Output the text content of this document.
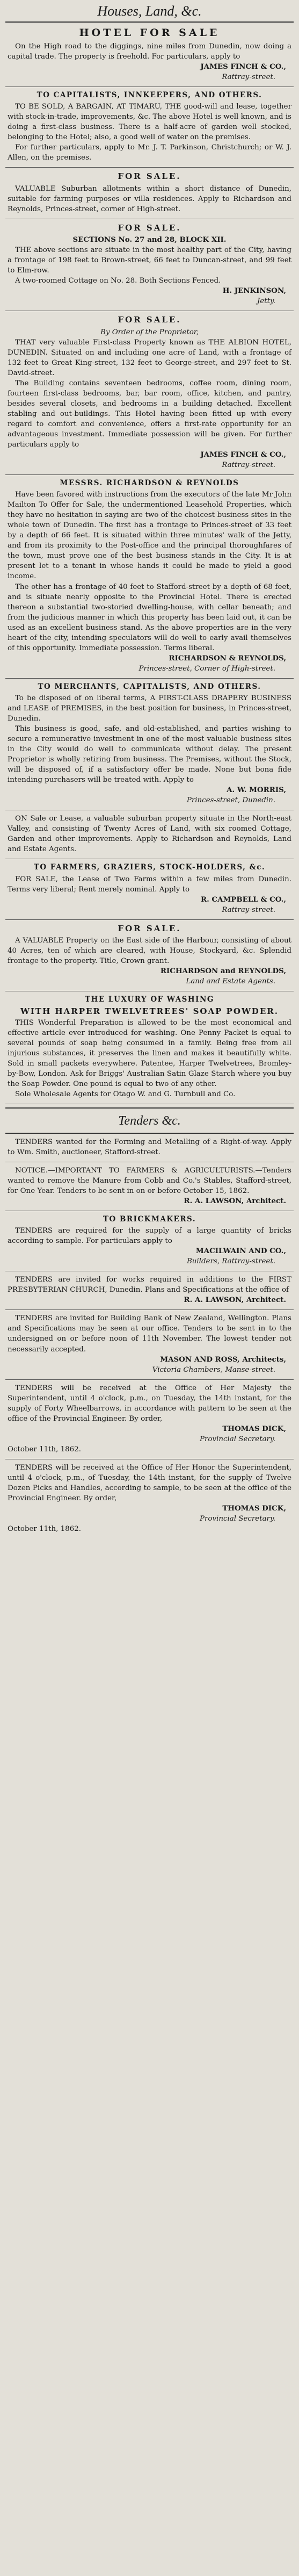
Houses, Land, &c.
HOTEL FOR SALE

On the High road to the diggings, nine miles from Dunedin, now doing a capital trade. The property is freehold. For particulars, apply to

JAMES FINCH & CO.,
Rattray-street.
TO CAPITALISTS, INNKEEPERS, AND OTHERS.

TO BE SOLD, A BARGAIN, AT TIMARU, THE good-will and lease, together with stock-in-trade, improvements, &c. The above Hotel is well known, and is doing a first-class business. There is a half-acre of garden well stocked, belonging to the Hotel; also, a good well of water on the premises.

For further particulars, apply to Mr. J. T. Parkinson, Christchurch; or W. J. Allen, on the premises.

FOR SALE.

VALUABLE Suburban allotments within a short distance of Dunedin, suitable for farming purposes or villa residences. Apply to Richardson and Reynolds, Princes-street, corner of High-street.

FOR SALE.
SECTIONS No. 27 and 28, BLOCK XII.

THE above sections are situate in the most healthy part of the City, having a frontage of 198 feet to Brown-street, 66 feet to Duncan-street, and 99 feet to Elm-row.

A two-roomed Cottage on No. 28. Both Sections Fenced.

H. JENKINSON,
Jetty.
FOR SALE.
By Order of the Proprietor,

THAT very valuable First-class Property known as THE ALBION HOTEL, DUNEDIN. Situated on and including one acre of Land, with a frontage of 132 feet to Great King-street, 132 feet to George-street, and 297 feet to St. David-street.

The Building contains seventeen bedrooms, coffee room, dining room, fourteen first-class bedrooms, bar, bar room, office, kitchen, and pantry, besides several closets, and bedrooms in a building detached. Excellent stabling and out-buildings. This Hotel having been fitted up with every regard to comfort and convenience, offers a first-rate opportunity for an advantageous investment. Immediate possession will be given. For further particulars apply to

JAMES FINCH & CO.,
Rattray-street.
MESSRS. RICHARDSON & REYNOLDS

Have been favored with instructions from the executors of the late Mr John Mailton To Offer for Sale, the undermentioned Leasehold Properties, which they have no hesitation in saying are two of the choicest business sites in the whole town of Dunedin. The first has a frontage to Princes-street of 33 feet by a depth of 66 feet. It is situated within three minutes' walk of the Jetty, and from its proximity to the Post-office and the principal thoroughfares of the town, must prove one of the best business stands in the City. It is at present let to a tenant in whose hands it could be made to yield a good income.

The other has a frontage of 40 feet to Stafford-street by a depth of 68 feet, and is situate nearly opposite to the Provincial Hotel. There is erected thereon a substantial two-storied dwelling-house, with cellar beneath; and from the judicious manner in which this property has been laid out, it can be used as an excellent business stand. As the above properties are in the very heart of the city, intending speculators will do well to early avail themselves of this opportunity. Immediate possession. Terms liberal.

RICHARDSON & REYNOLDS,
Princes-street, Corner of High-street.
TO MERCHANTS, CAPITALISTS, AND OTHERS.

To be disposed of on liberal terms, A FIRST-CLASS DRAPERY BUSINESS and LEASE of PREMISES, in the best position for business, in Princes-street, Dunedin.

This business is good, safe, and old-established, and parties wishing to secure a remunerative investment in one of the most valuable business sites in the City would do well to communicate without delay. The present Proprietor is wholly retiring from business. The Premises, without the Stock, will be disposed of, if a satisfactory offer be made. None but bona fide intending purchasers will be treated with. Apply to

A. W. MORRIS,
Princes-street, Dunedin.

ON Sale or Lease, a valuable suburban property situate in the North-east Valley, and consisting of Twenty Acres of Land, with six roomed Cottage, Garden and other improvements. Apply to Richardson and Reynolds, Land and Estate Agents.

TO FARMERS, GRAZIERS, STOCK-HOLDERS, &c.

FOR SALE, the Lease of Two Farms within a few miles from Dunedin. Terms very liberal; Rent merely nominal. Apply to

R. CAMPBELL & CO.,
Rattray-street.
FOR SALE.

A VALUABLE Property on the East side of the Harbour, consisting of about 40 Acres, ten of which are cleared, with House, Stockyard, &c. Splendid frontage to the property. Title, Crown grant.

RICHARDSON and REYNOLDS,
Land and Estate Agents.
THE LUXURY OF WASHING
WITH HARPER TWELVETREES' SOAP POWDER.

THIS Wonderful Preparation is allowed to be the most economical and effective article ever introduced for washing. One Penny Packet is equal to several pounds of soap being consumed in a family. Being free from all injurious substances, it preserves the linen and makes it beautifully white. Sold in small packets everywhere. Patentee, Harper Twelvetrees, Bromley-by-Bow, London. Ask for Briggs' Australian Satin Glaze Starch where you buy the Soap Powder. One pound is equal to two of any other.

Sole Wholesale Agents for Otago W. and G. Turnbull and Co.

Tenders &c.

TENDERS wanted for the Forming and Metalling of a Right-of-way. Apply to Wm. Smith, auctioneer, Stafford-street.

NOTICE.—IMPORTANT TO FARMERS & AGRICULTURISTS.—Tenders wanted to remove the Manure from Cobb and Co.'s Stables, Stafford-street, for One Year. Tenders to be sent in on or before October 15, 1862.

R. A. LAWSON, Architect.
TO BRICKMAKERS.

TENDERS are required for the supply of a large quantity of bricks according to sample. For particulars apply to

MACILWAIN AND CO.,
Builders, Rattray-street.

TENDERS are invited for works required in additions to the FIRST PRESBYTERIAN CHURCH, Dunedin. Plans and Specifications at the office of

R. A. LAWSON, Architect.

TENDERS are invited for Building Bank of New Zealand, Wellington. Plans and Specifications may be seen at our office. Tenders to be sent in to the undersigned on or before noon of 11th November. The lowest tender not necessarily accepted.

MASON AND ROSS, Architects,
Victoria Chambers, Manse-street.

TENDERS will be received at the Office of Her Majesty the Superintendent, until 4 o'clock, p.m., on Tuesday, the 14th instant, for the supply of Forty Wheelbarrows, in accordance with pattern to be seen at the office of the Provincial Engineer. By order,

THOMAS DICK,
Provincial Secretary.
October 11th, 1862.

TENDERS will be received at the Office of Her Honor the Superintendent, until 4 o'clock, p.m., of Tuesday, the 14th instant, for the supply of Twelve Dozen Picks and Handles, according to sample, to be seen at the office of the Provincial Engineer. By order,

THOMAS DICK,
Provincial Secretary.
October 11th, 1862.
